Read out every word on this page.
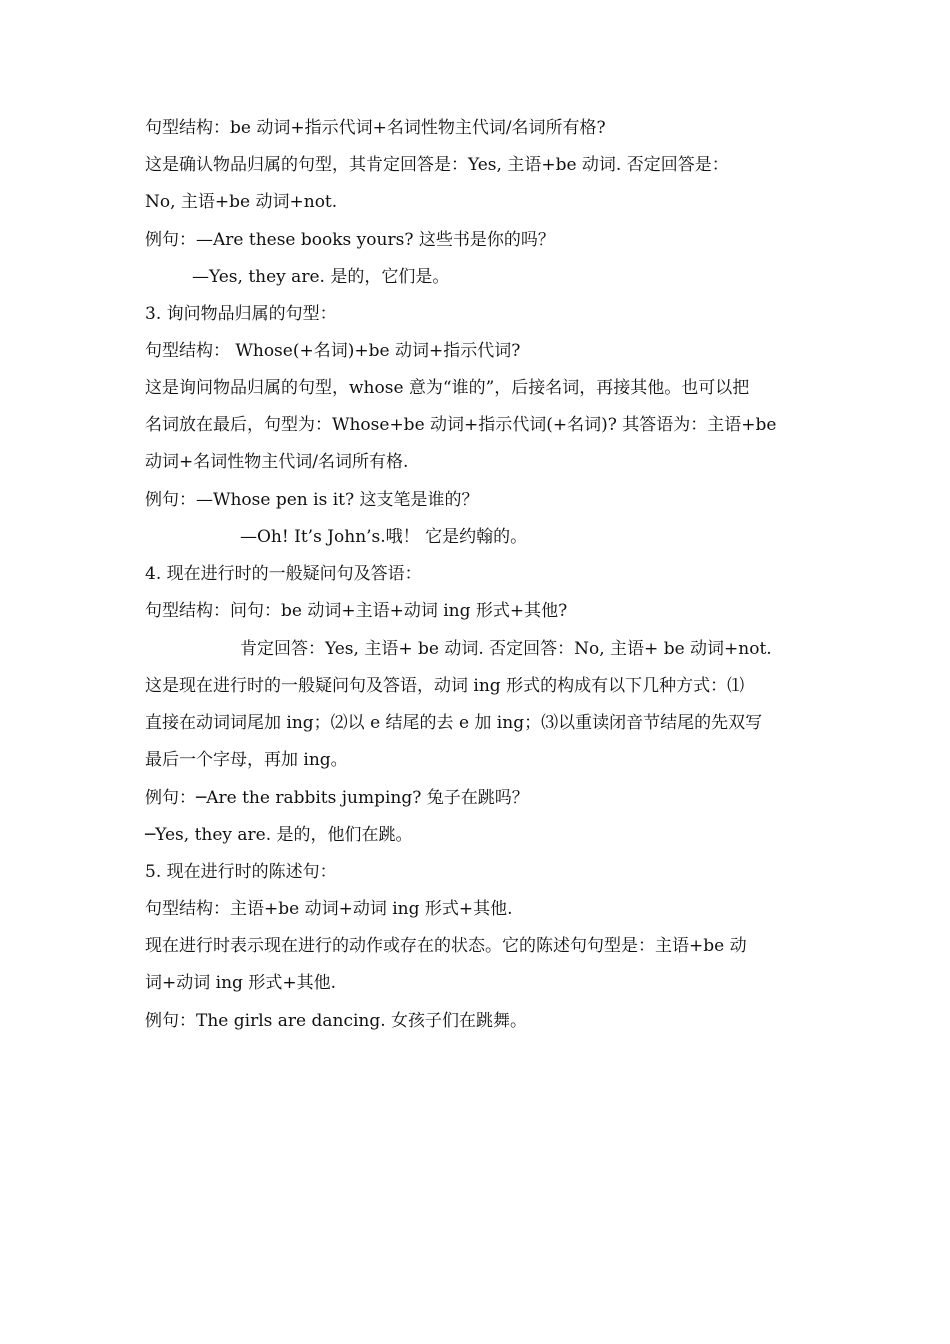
句型结构：be 动词+指示代词+名词性物主代词/名词所有格?
这是确认物品归属的句型，其肯定回答是：Yes, 主语+be 动词. 否定回答是：
No, 主语+be 动词+not.
例句：—Are these books yours? 这些书是你的吗？
—Yes, they are. 是的，它们是。
3. 询问物品归属的句型：
句型结构： Whose(+名词)+be 动词+指示代词?
这是询问物品归属的句型，whose 意为“谁的”，后接名词，再接其他。也可以把
名词放在最后，句型为：Whose+be 动词+指示代词(+名词)? 其答语为：主语+be
动词+名词性物主代词/名词所有格.
例句：—Whose pen is it? 这支笔是谁的？
—Oh! It’s John’s.哦！ 它是约翰的。
4. 现在进行时的一般疑问句及答语：
句型结构：问句：be 动词+主语+动词 ing 形式+其他?
肯定回答：Yes, 主语+ be 动词. 否定回答：No, 主语+ be 动词+not.
这是现在进行时的一般疑问句及答语，动词 ing 形式的构成有以下几种方式：⑴
直接在动词词尾加 ing；⑵以 e 结尾的去 e 加 ing；⑶以重读闭音节结尾的先双写
最后一个字母，再加 ing。
例句：─Are the rabbits jumping? 兔子在跳吗？
─Yes, they are. 是的，他们在跳。
5. 现在进行时的陈述句：
句型结构：主语+be 动词+动词 ing 形式+其他.
现在进行时表示现在进行的动作或存在的状态。它的陈述句句型是：主语+be 动
词+动词 ing 形式+其他.
例句：The girls are dancing. 女孩子们在跳舞。
